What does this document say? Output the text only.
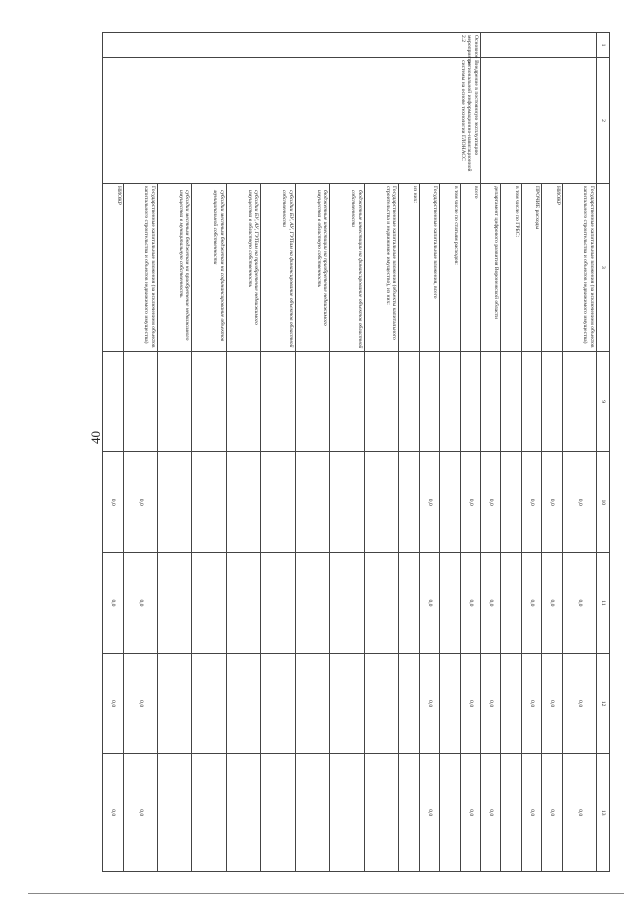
40
1	2	3	9	10	11	12	13
		Государственные капитальные вложения (за исключением объектов капитального строительства и объектов недвижимого имущества)		0,0	0,0	0,0	0,0
		НИОКР		0,0	0,0	0,0	0,0
		ПРОЧИЕ расходы		0,0	0,0	0,0	0,0
		в том числе по ГРБС:					
		департамент цифрового развития Воронежской области		0,0	0,0	0,0	0,0
Основное мероприятие 2.2	Внедрение в постоянную эксплуатацию региональной информационно-навигационной системы на основе технологии ГЛОНАСС	всего		0,0	0,0	0,0	0,0
		в том числе по статьям расходов:					
		Государственные капитальные вложения, всего		0,0	0,0	0,0	0,0
		из них:					
		Государственные капитальные вложения (объекты капитального строительства и недвижимое имущество), из них:					
		бюджетные инвестиции на финансирование объектов областной собственности					
		бюджетные инвестиции на приобретение недвижимого имущества в областную собственность					
		субсидии БУ, АУ, ГУПам на финансирование объектов областной собственности					
		субсидии БУ, АУ, ГУПам на приобретение недвижимого имущества в областную собственность					
		субсидии местным бюджетам на софинансирование объектов муниципальной собственности					
		субсидии местным бюджетам на приобретение недвижимого имущества в муниципальную собственность					
		Государственные капитальные вложения (за исключением объектов капитального строительства и объектов недвижимого имущества)		0,0	0,0	0,0	0,0
		НИОКР		0,0	0,0	0,0	0,0
